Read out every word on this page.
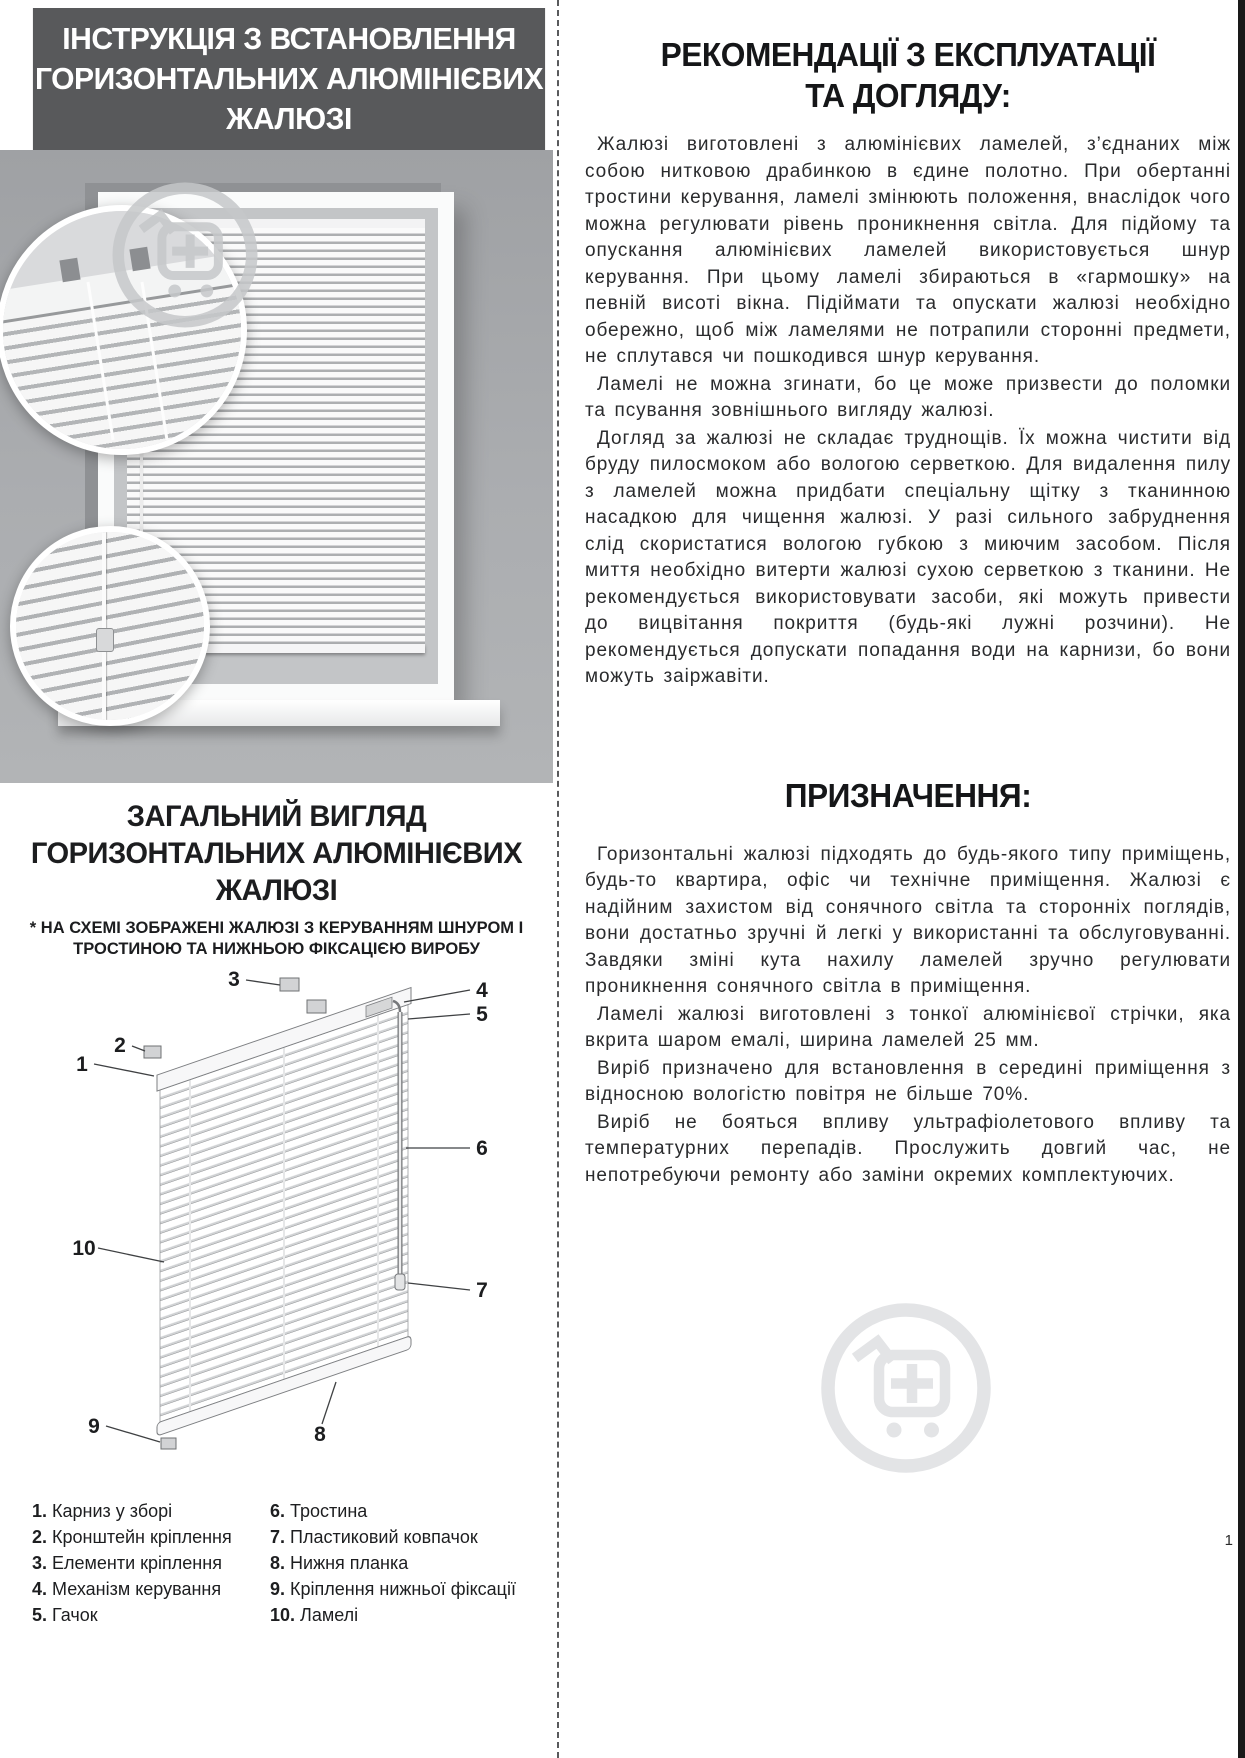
ІНСТРУКЦІЯ З ВСТАНОВЛЕННЯ
ГОРИЗОНТАЛЬНИХ АЛЮМІНІЄВИХ
ЖАЛЮЗІ
ЗАГАЛЬНИЙ ВИГЛЯД
ГОРИЗОНТАЛЬНИХ АЛЮМІНІЄВИХ
ЖАЛЮЗІ
* НА СХЕМІ ЗОБРАЖЕНІ ЖАЛЮЗІ З КЕРУВАННЯМ ШНУРОМ І
ТРОСТИНОЮ ТА НИЖНЬОЮ ФІКСАЦІЄЮ ВИРОБУ
1
2
3	4
5
6
7
8
9
10
1. Карниз у зборі
2. Кронштейн кріплення
3. Елементи кріплення
4. Механізм керування
5. Гачок
6. Тростина
7. Пластиковий ковпачок
8. Нижня планка
9. Кріплення нижньої фіксації
10. Ламелі
РЕКОМЕНДАЦІЇ З ЕКСПЛУАТАЦІЇ
ТА ДОГЛЯДУ:

Жалюзі виготовлені з алюмінієвих ламелей, з’єднаних між собою нитковою драбинкою в єдине полотно. При обертанні тростини керування, ламелі змінюють положення, внаслідок чого можна регулювати рівень проникнення світла. Для підйому та опускання алюмінієвих ламелей використовується шнур керування. При цьому ламелі збираються в «гармошку» на певній висоті вікна. Підіймати та опускати жалюзі необхідно обережно, щоб між ламелями не потрапили сторонні предмети, не сплутався чи пошкодився шнур керування.

Ламелі не можна згинати, бо це може призвести до поломки та псування зовнішнього вигляду жалюзі.

Догляд за жалюзі не складає труднощів. Їх можна чистити від бруду пилосмоком або вологою серветкою. Для видалення пилу з ламелей можна придбати спеціальну щітку з тканинною насадкою для чищення жалюзі. У разі сильного забруднення слід скористатися вологою губкою з миючим засобом. Після миття необхідно витерти жалюзі сухою серветкою з тканини. Не рекомендується використовувати засоби, які можуть привести до вицвітання покриття (будь-які лужні розчини). Не рекомендується допускати попадання води на карнизи, бо вони можуть заіржавіти.

ПРИЗНАЧЕННЯ:

Горизонтальні жалюзі підходять до будь-якого типу приміщень, будь-то квартира, офіс чи технічне приміщення. Жалюзі є надійним захистом від сонячного світла та сторонніх поглядів, вони достатньо зручні й легкі у використанні та обслуговуванні. Завдяки зміні кута нахилу ламелей зручно регулювати проникнення сонячного світла в приміщення.

Ламелі жалюзі виготовлені з тонкої алюмінієвої стрічки, яка вкрита шаром емалі, ширина ламелей 25 мм.

Виріб призначено для встановлення в середині приміщення з відносною вологістю повітря не більше 70%.

Виріб не бояться впливу ультрафіолетового впливу та температурних перепадів. Прослужить довгий час, не непотребуючи ремонту або заміни окремих комплектуючих.

1
